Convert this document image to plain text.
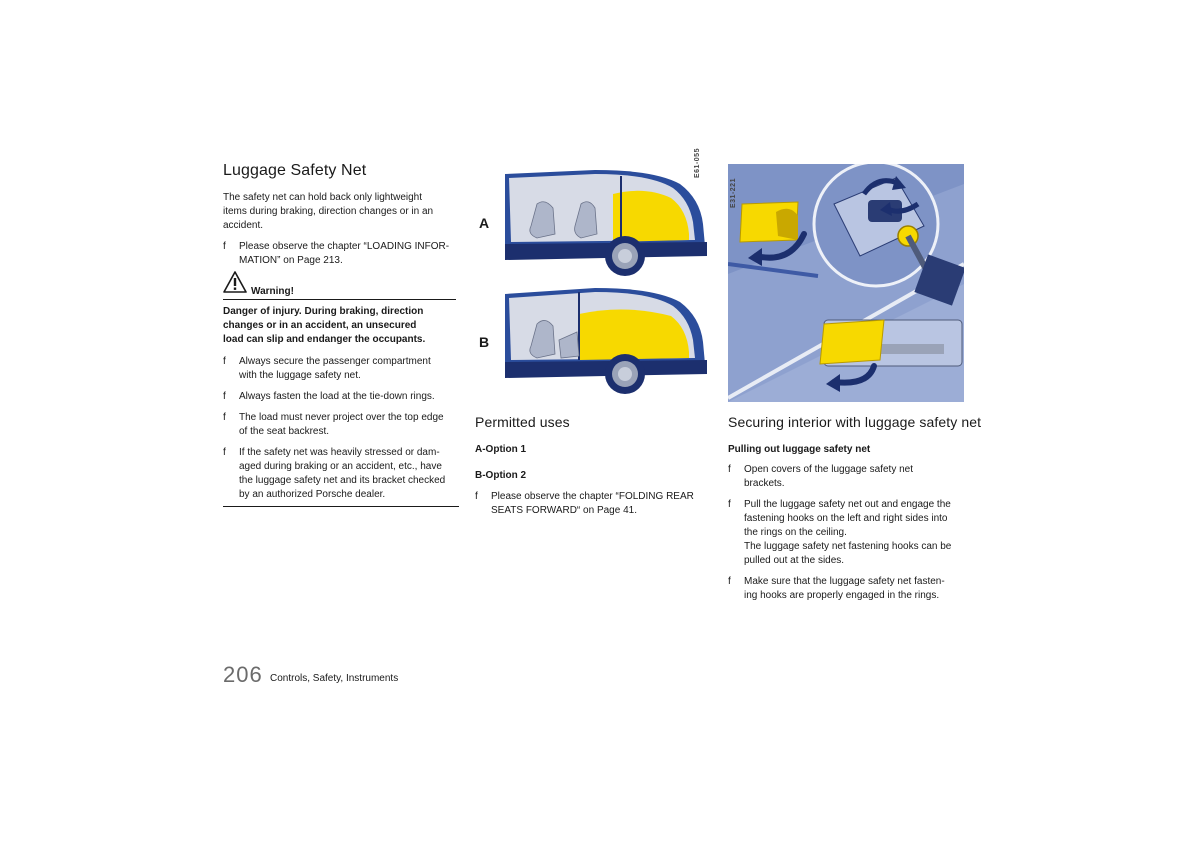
Luggage Safety Net

The safety net can hold back only lightweight

items during braking, direction changes or in an

accident.

f Please observe the chapter “LOADING INFOR-
MATION” on Page 213.
Warning!

Danger of injury. During braking, direction

changes or in an accident, an unsecured

load can slip and endanger the occupants.

f Always secure the passenger compartment
with the luggage safety net.
f Always fasten the load at the tie-down rings.
f The load must never project over the top edge
of the seat backrest.
f If the safety net was heavily stressed or dam-
aged during braking or an accident, etc., have
the luggage safety net and its bracket checked
by an authorized Porsche dealer.
A
B
E61-055
Permitted uses

A-Option 1

B-Option 2

f Please observe the chapter “FOLDING REAR
SEATS FORWARD“ on Page 41.
E31-221
Securing interior with luggage safety net

Pulling out luggage safety net

f Open covers of the luggage safety net
brackets.
f Pull the luggage safety net out and engage the
fastening hooks on the left and right sides into
the rings on the ceiling.
The luggage safety net fastening hooks can be
pulled out at the sides.
f Make sure that the luggage safety net fasten-
ing hooks are properly engaged in the rings.
206 Controls, Safety, Instruments
